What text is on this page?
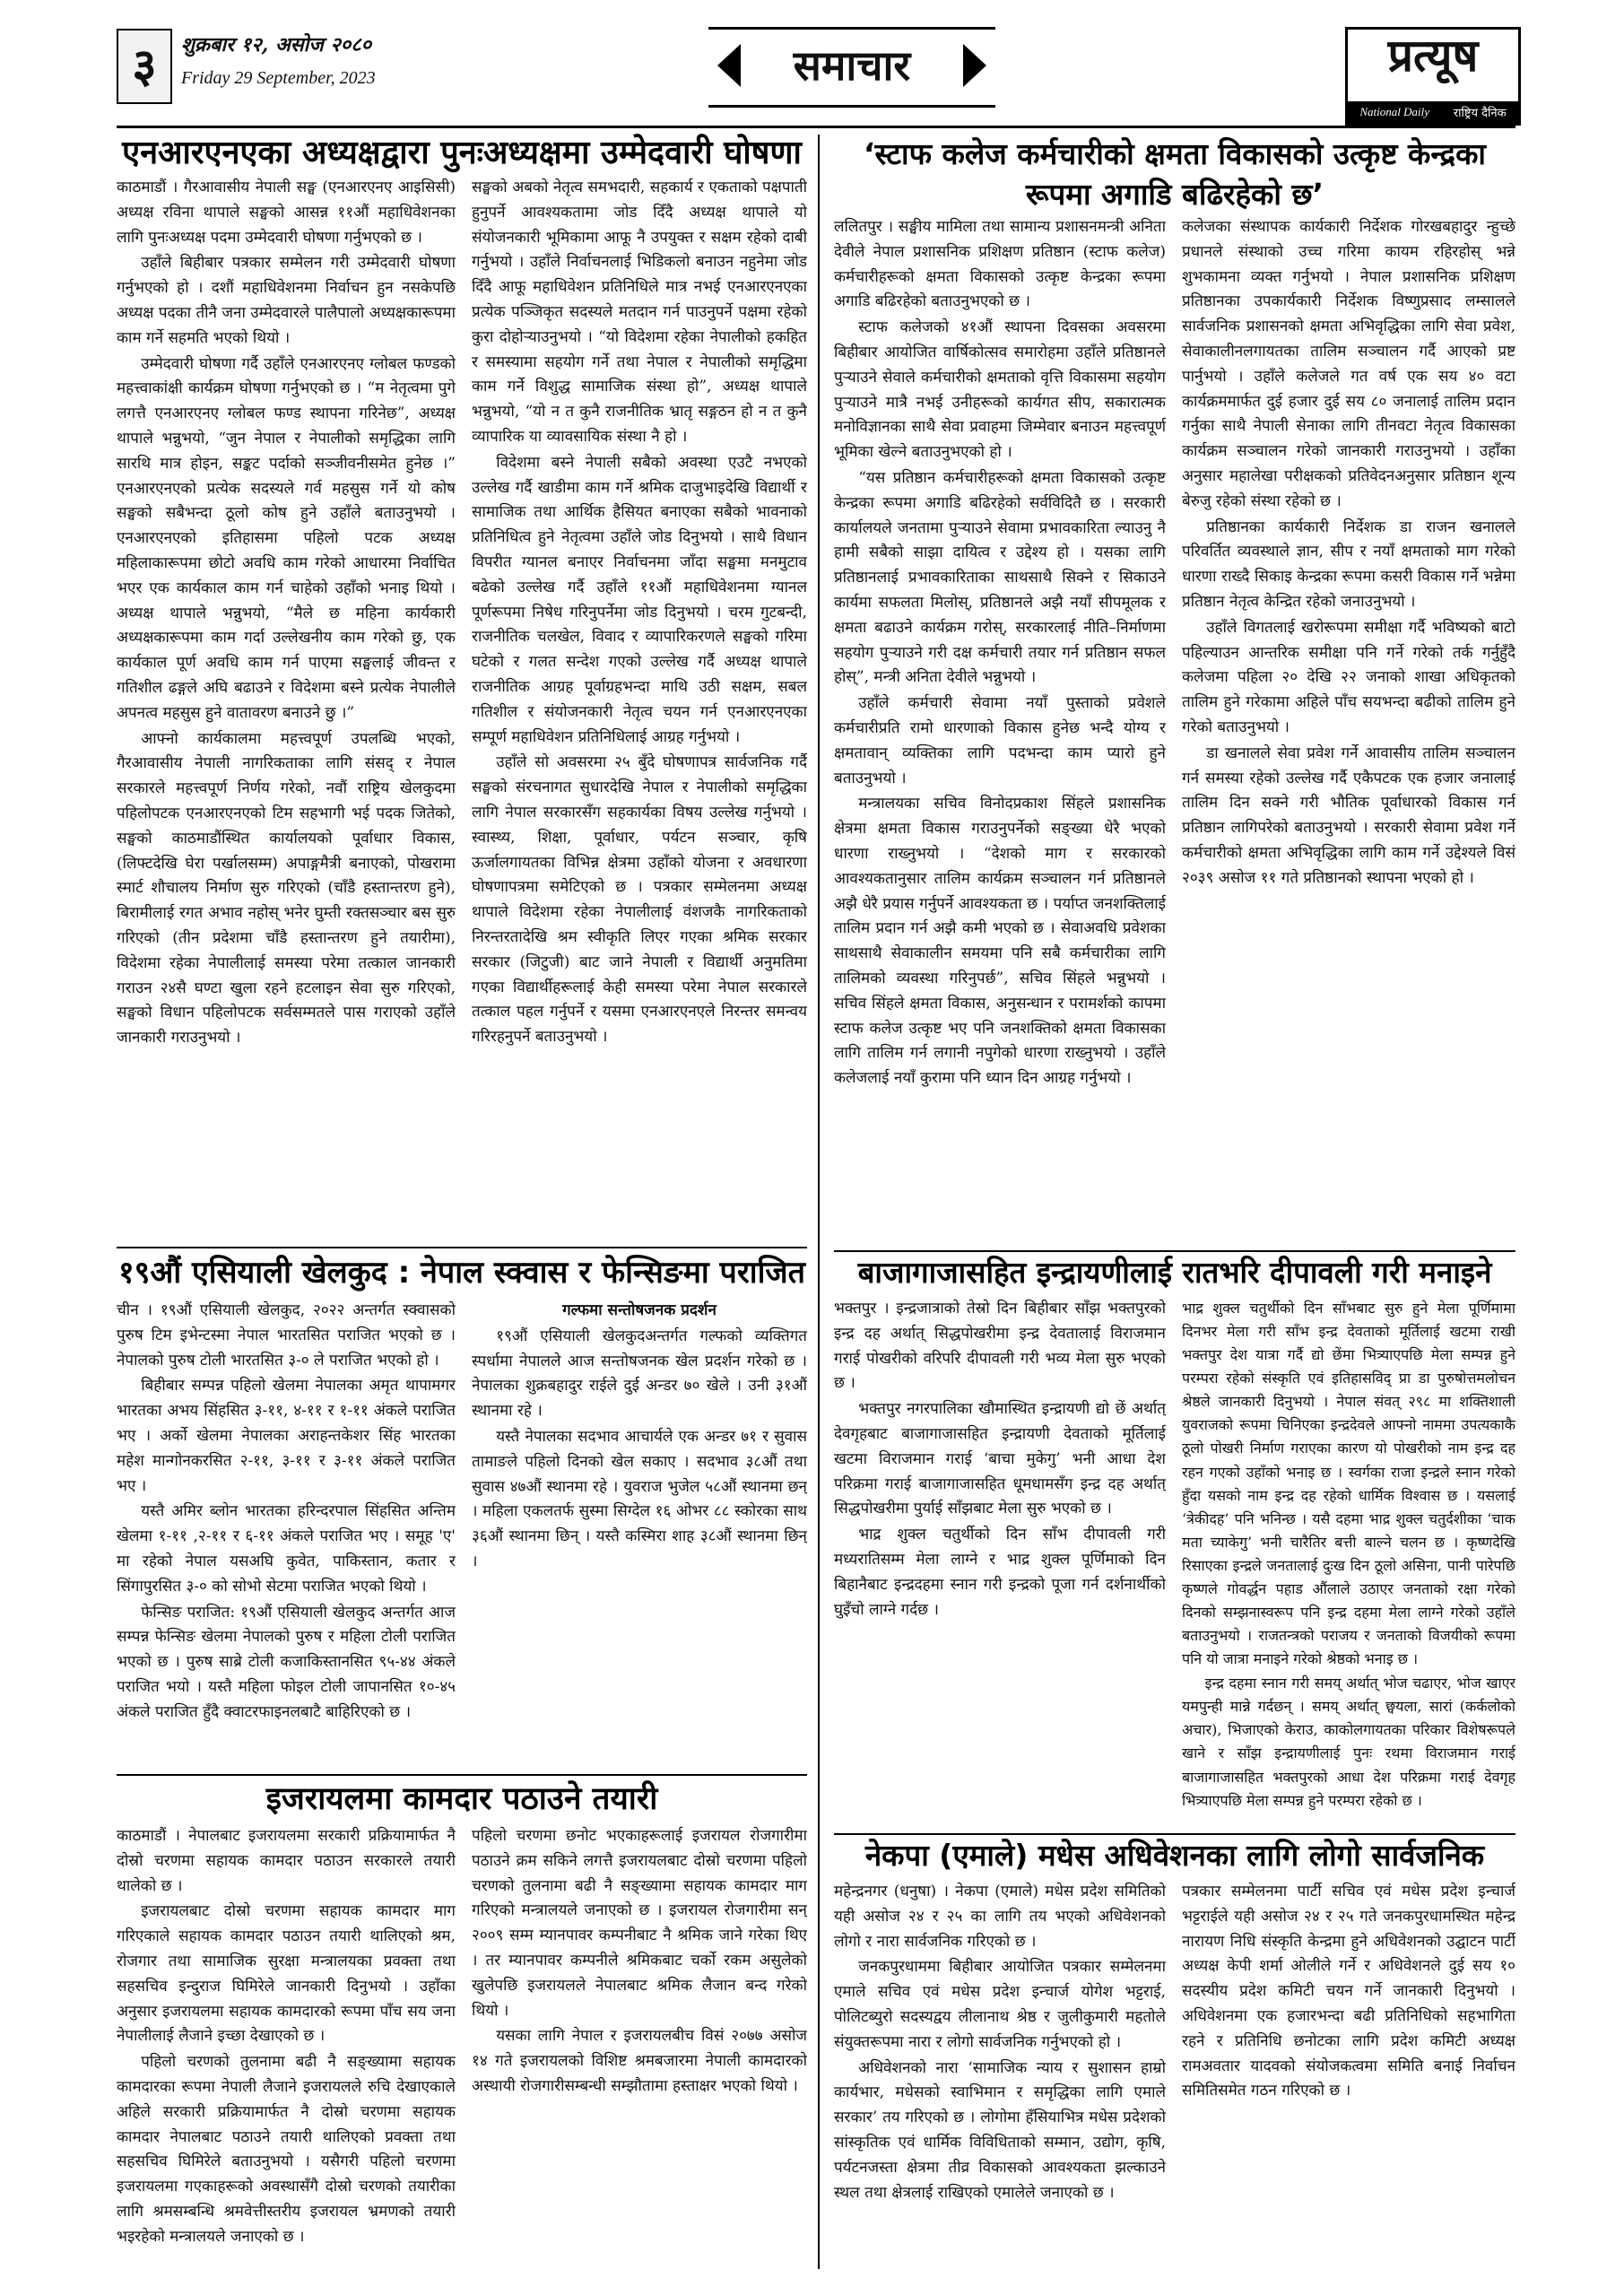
३ शुक्रबार १२, असोज २०८०
Friday 29 September, 2023	समाचार	प्रत्यूष
National Daily राष्ट्रिय दैनिक
एनआरएनएका अध्यक्षद्वारा पुनःअध्यक्षमा उम्मेदवारी घोषणा

काठमाडौं । गैरआवासीय नेपाली सङ्घ (एनआरएनए आइसिसी) अध्यक्ष रविना थापाले सङ्घको आसन्न ११औं महाधिवेशनका लागि पुनःअध्यक्ष पदमा उम्मेदवारी घोषणा गर्नुभएको छ ।

उहाँले बिहीबार पत्रकार सम्मेलन गरी उम्मेदवारी घोषणा गर्नुभएको हो । दशौं महाधिवेशनमा निर्वाचन हुन नसकेपछि अध्यक्ष पदका तीनै जना उम्मेदवारले पालैपालो अध्यक्षकारूपमा काम गर्ने सहमति भएको थियो ।

उम्मेदवारी घोषणा गर्दै उहाँले एनआरएनए ग्लोबल फण्डको महत्त्वाकांक्षी कार्यक्रम घोषणा गर्नुभएको छ । “म नेतृत्वमा पुगे लगत्तै एनआरएनए ग्लोबल फण्ड स्थापना गरिनेछ”, अध्यक्ष थापाले भन्नुभयो, “जुन नेपाल र नेपालीको समृद्धिका लागि सारथि मात्र होइन, सङ्कट पर्दाको सञ्जीवनीसमेत हुनेछ ।” एनआरएनएको प्रत्येक सदस्यले गर्व महसुस गर्ने यो कोष सङ्घको सबैभन्दा ठूलो कोष हुने उहाँले बताउनुभयो । एनआरएनएको इतिहासमा पहिलो पटक अध्यक्ष महिलाकारूपमा छोटो अवधि काम गरेको आधारमा निर्वाचित भएर एक कार्यकाल काम गर्न चाहेको उहाँको भनाइ थियो । अध्यक्ष थापाले भन्नुभयो, “मैले छ महिना कार्यकारी अध्यक्षकारूपमा काम गर्दा उल्लेखनीय काम गरेको छु, एक कार्यकाल पूर्ण अवधि काम गर्न पाएमा सङ्घलाई जीवन्त र गतिशील ढङ्गले अघि बढाउने र विदेशमा बस्ने प्रत्येक नेपालीले अपनत्व महसुस हुने वातावरण बनाउने छु ।”

आफ्नो कार्यकालमा महत्त्वपूर्ण उपलब्धि भएको, गैरआवासीय नेपाली नागरिकताका लागि संसद् र नेपाल सरकारले महत्त्वपूर्ण निर्णय गरेको, नवौं राष्ट्रिय खेलकुदमा पहिलोपटक एनआरएनएको टिम सहभागी भई पदक जितेको, सङ्घको काठमाडौंस्थित कार्यालयको पूर्वाधार विकास, (लिफ्टदेखि घेरा पर्खालसम्म) अपाङ्गमैत्री बनाएको, पोखरामा स्मार्ट शौचालय निर्माण सुरु गरिएको (चाँडै हस्तान्तरण हुने), बिरामीलाई रगत अभाव नहोस् भनेर घुम्ती रक्तसञ्चार बस सुरु गरिएको (तीन प्रदेशमा चाँडै हस्तान्तरण हुने तयारीमा), विदेशमा रहेका नेपालीलाई समस्या परेमा तत्काल जानकारी गराउन २४सै घण्टा खुला रहने हटलाइन सेवा सुरु गरिएको, सङ्घको विधान पहिलोपटक सर्वसम्मतले पास गराएको उहाँले जानकारी गराउनुभयो ।

सङ्घको अबको नेतृत्व समभदारी, सहकार्य र एकताको पक्षपाती हुनुपर्ने आवश्यकतामा जोड दिँदै अध्यक्ष थापाले यो संयोजनकारी भूमिकामा आफू नै उपयुक्त र सक्षम रहेको दाबी गर्नुभयो । उहाँले निर्वाचनलाई भिडिकलो बनाउन नहुनेमा जोड दिँदै आफू महाधिवेशन प्रतिनिधिले मात्र नभई एनआरएनएका प्रत्येक पञ्जिकृत सदस्यले मतदान गर्न पाउनुपर्ने पक्षमा रहेको कुरा दोहोऱ्याउनुभयो । “यो विदेशमा रहेका नेपालीको हकहित र समस्यामा सहयोग गर्ने तथा नेपाल र नेपालीको समृद्धिमा काम गर्ने विशुद्ध सामाजिक संस्था हो”, अध्यक्ष थापाले भन्नुभयो, “यो न त कुनै राजनीतिक भ्रातृ सङ्गठन हो न त कुनै व्यापारिक या व्यावसायिक संस्था नै हो ।

विदेशमा बस्ने नेपाली सबैको अवस्था एउटै नभएको उल्लेख गर्दै खाडीमा काम गर्ने श्रमिक दाजुभाइदेखि विद्यार्थी र सामाजिक तथा आर्थिक हैसियत बनाएका सबैको भावनाको प्रतिनिधित्व हुने नेतृत्वमा उहाँले जोड दिनुभयो । साथै विधान विपरीत ग्यानल बनाएर निर्वाचनमा जाँदा सङ्घमा मनमुटाव बढेको उल्लेख गर्दै उहाँले ११औं महाधिवेशनमा ग्यानल पूर्णरूपमा निषेध गरिनुपर्नेमा जोड दिनुभयो । चरम गुटबन्दी, राजनीतिक चलखेल, विवाद र व्यापारिकरणले सङ्घको गरिमा घटेको र गलत सन्देश गएको उल्लेख गर्दै अध्यक्ष थापाले राजनीतिक आग्रह पूर्वाग्रहभन्दा माथि उठी सक्षम, सबल गतिशील र संयोजनकारी नेतृत्व चयन गर्न एनआरएनएका सम्पूर्ण महाधिवेशन प्रतिनिधिलाई आग्रह गर्नुभयो ।

उहाँले सो अवसरमा २५ बुँदे घोषणापत्र सार्वजनिक गर्दै सङ्घको संरचनागत सुधारदेखि नेपाल र नेपालीको समृद्धिका लागि नेपाल सरकारसँग सहकार्यका विषय उल्लेख गर्नुभयो । स्वास्थ्य, शिक्षा, पूर्वाधार, पर्यटन सञ्चार, कृषि ऊर्जालगायतका विभिन्न क्षेत्रमा उहाँको योजना र अवधारणा घोषणापत्रमा समेटिएको छ । पत्रकार सम्मेलनमा अध्यक्ष थापाले विदेशमा रहेका नेपालीलाई वंशजकै नागरिकताको निरन्तरतादेखि श्रम स्वीकृति लिएर गएका श्रमिक सरकार सरकार (जिटुजी) बाट जाने नेपाली र विद्यार्थी अनुमतिमा गएका विद्यार्थीहरूलाई केही समस्या परेमा नेपाल सरकारले तत्काल पहल गर्नुपर्ने र यसमा एनआरएनएले निरन्तर समन्वय गरिरहनुपर्ने बताउनुभयो ।

१९औं एसियाली खेलकुद : नेपाल स्क्वास र फेन्सिङमा पराजित

चीन । १९औं एसियाली खेलकुद, २०२२ अन्तर्गत स्क्वासको पुरुष टिम इभेन्टस्मा नेपाल भारतसित पराजित भएको छ । नेपालको पुरुष टोली भारतसित ३-० ले पराजित भएको हो ।

बिहीबार सम्पन्न पहिलो खेलमा नेपालका अमृत थापामगर भारतका अभय सिंहसित ३-११, ४-११ र १-११ अंकले पराजित भए । अर्को खेलमा नेपालका अराहन्तकेशर सिंह भारतका महेश मान्गोनकरसित २-११, ३-११ र ३-११ अंकले पराजित भए ।

यस्तै अमिर ब्लोन भारतका हरिन्दरपाल सिंहसित अन्तिम खेलमा १-११ ,२-११ र ६-११ अंकले पराजित भए । समूह 'ए' मा रहेको नेपाल यसअघि कुवेत, पाकिस्तान, कतार र सिंगापुरसित ३-० को सोभो सेटमा पराजित भएको थियो ।

फेन्सिङ पराजित: १९औं एसियाली खेलकुद अन्तर्गत आज सम्पन्न फेन्सिङ खेलमा नेपालको पुरुष र महिला टोली पराजित भएको छ । पुरुष साब्रे टोली कजाकिस्तानसित ९५-४४ अंकले पराजित भयो । यस्तै महिला फोइल टोली जापानसित १०-४५ अंकले पराजित हुँदै क्वाटरफाइनलबाटै बाहिरिएको छ ।

गल्फमा सन्तोषजनक प्रदर्शन

१९औं एसियाली खेलकुदअन्तर्गत गल्फको व्यक्तिगत स्पर्धामा नेपालले आज सन्तोषजनक खेल प्रदर्शन गरेको छ । नेपालका शुक्रबहादुर राईले दुई अन्डर ७० खेले । उनी ३१औं स्थानमा रहे ।

यस्तै नेपालका सदभाव आचार्यले एक अन्डर ७१ र सुवास तामाङले पहिलो दिनको खेल सकाए । सदभाव ३८औं तथा सुवास ४७औं स्थानमा रहे । युवराज भुजेल ५८औं स्थानमा छन् । महिला एकलतर्फ सुस्मा सिग्देल १६ ओभर ८८ स्कोरका साथ ३६औं स्थानमा छिन् । यस्तै कस्मिरा शाह ३८औं स्थानमा छिन् ।

इजरायलमा कामदार पठाउने तयारी

काठमाडौं । नेपालबाट इजरायलमा सरकारी प्रक्रियामार्फत नै दोस्रो चरणमा सहायक कामदार पठाउन सरकारले तयारी थालेको छ ।

इजरायलबाट दोस्रो चरणमा सहायक कामदार माग गरिएकाले सहायक कामदार पठाउन तयारी थालिएको श्रम, रोजगार तथा सामाजिक सुरक्षा मन्त्रालयका प्रवक्ता तथा सहसचिव इन्दुराज घिमिरेले जानकारी दिनुभयो । उहाँका अनुसार इजरायलमा सहायक कामदारको रूपमा पाँच सय जना नेपालीलाई लैजाने इच्छा देखाएको छ ।

पहिलो चरणको तुलनामा बढी नै सङ्ख्यामा सहायक कामदारका रूपमा नेपाली लैजाने इजरायलले रुचि देखाएकाले अहिले सरकारी प्रक्रियामार्फत नै दोस्रो चरणमा सहायक कामदार नेपालबाट पठाउने तयारी थालिएको प्रवक्ता तथा सहसचिव घिमिरेले बताउनुभयो । यसैगरी पहिलो चरणमा इजरायलमा गएकाहरूको अवस्थासँगै दोस्रो चरणको तयारीका लागि श्रमसम्बन्धि श्रमवेत्तीस्तरीय इजरायल भ्रमणको तयारी भइरहेको मन्त्रालयले जनाएको छ ।

पहिलो चरणमा छनोट भएकाहरूलाई इजरायल रोजगारीमा पठाउने क्रम सकिने लगत्तै इजरायलबाट दोस्रो चरणमा पहिलो चरणको तुलनामा बढी नै सङ्ख्यामा सहायक कामदार माग गरिएको मन्त्रालयले जनाएको छ । इजरायल रोजगारीमा सन् २००९ सम्म म्यानपावर कम्पनीबाट नै श्रमिक जाने गरेका थिए । तर म्यानपावर कम्पनीले श्रमिकबाट चर्को रकम असुलेको खुलेपछि इजरायलले नेपालबाट श्रमिक लैजान बन्द गरेको थियो ।

यसका लागि नेपाल र इजरायलबीच विसं २०७७ असोज १४ गते इजरायलको विशिष्ट श्रमबजारमा नेपाली कामदारको अस्थायी रोजगारीसम्बन्धी सम्झौतामा हस्ताक्षर भएको थियो ।

‘स्टाफ कलेज कर्मचारीको क्षमता विकासको उत्कृष्ट केन्द्रका रूपमा अगाडि बढिरहेको छ’

ललितपुर । सङ्घीय मामिला तथा सामान्य प्रशासनमन्त्री अनिता देवीले नेपाल प्रशासनिक प्रशिक्षण प्रतिष्ठान (स्टाफ कलेज) कर्मचारीहरूको क्षमता विकासको उत्कृष्ट केन्द्रका रूपमा अगाडि बढिरहेको बताउनुभएको छ ।

स्टाफ कलेजको ४१औं स्थापना दिवसका अवसरमा बिहीबार आयोजित वार्षिकोत्सव समारोहमा उहाँले प्रतिष्ठानले पुऱ्याउने सेवाले कर्मचारीको क्षमताको वृत्ति विकासमा सहयोग पुऱ्याउने मात्रै नभई उनीहरूको कार्यगत सीप, सकारात्मक मनोविज्ञानका साथै सेवा प्रवाहमा जिम्मेवार बनाउन महत्त्वपूर्ण भूमिका खेल्ने बताउनुभएको हो ।

“यस प्रतिष्ठान कर्मचारीहरूको क्षमता विकासको उत्कृष्ट केन्द्रका रूपमा अगाडि बढिरहेको सर्वविदितै छ । सरकारी कार्यालयले जनतामा पुऱ्याउने सेवामा प्रभावकारिता ल्याउनु नै हामी सबैको साझा दायित्व र उद्देश्य हो । यसका लागि प्रतिष्ठानलाई प्रभावकारिताका साथसाथै सिक्ने र सिकाउने कार्यमा सफलता मिलोस्, प्रतिष्ठानले अझै नयाँ सीपमूलक र क्षमता बढाउने कार्यक्रम गरोस्, सरकारलाई नीति–निर्माणमा सहयोग पुऱ्याउने गरी दक्ष कर्मचारी तयार गर्न प्रतिष्ठान सफल होस्”, मन्त्री अनिता देवीले भन्नुभयो ।

उहाँले कर्मचारी सेवामा नयाँ पुस्ताको प्रवेशले कर्मचारीप्रति रामो धारणाको विकास हुनेछ भन्दै योग्य र क्षमतावान् व्यक्तिका लागि पदभन्दा काम प्यारो हुने बताउनुभयो ।

मन्त्रालयका सचिव विनोदप्रकाश सिंहले प्रशासनिक क्षेत्रमा क्षमता विकास गराउनुपर्नेको सङ्ख्या धेरै भएको धारणा राख्नुभयो । “देशको माग र सरकारको आवश्यकतानुसार तालिम कार्यक्रम सञ्चालन गर्न प्रतिष्ठानले अझै धेरै प्रयास गर्नुपर्ने आवश्यकता छ । पर्याप्त जनशक्तिलाई तालिम प्रदान गर्न अझै कमी भएको छ । सेवाअवधि प्रवेशका साथसाथै सेवाकालीन समयमा पनि सबै कर्मचारीका लागि तालिमको व्यवस्था गरिनुपर्छ”, सचिव सिंहले भन्नुभयो । सचिव सिंहले क्षमता विकास, अनुसन्धान र परामर्शको कापमा स्टाफ कलेज उत्कृष्ट भए पनि जनशक्तिको क्षमता विकासका लागि तालिम गर्न लगानी नपुगेको धारणा राख्नुभयो । उहाँले कलेजलाई नयाँ कुरामा पनि ध्यान दिन आग्रह गर्नुभयो ।

कलेजका संस्थापक कार्यकारी निर्देशक गोरखबहादुर न्हुच्छे प्रधानले संस्थाको उच्च गरिमा कायम रहिरहोस् भन्ने शुभकामना व्यक्त गर्नुभयो । नेपाल प्रशासनिक प्रशिक्षण प्रतिष्ठानका उपकार्यकारी निर्देशक विष्णुप्रसाद लम्सालले सार्वजनिक प्रशासनको क्षमता अभिवृद्धिका लागि सेवा प्रवेश, सेवाकालीनलगायतका तालिम सञ्चालन गर्दै आएको प्रष्ट पार्नुभयो । उहाँले कलेजले गत वर्ष एक सय ४० वटा कार्यक्रममार्फत दुई हजार दुई सय ८० जनालाई तालिम प्रदान गर्नुका साथै नेपाली सेनाका लागि तीनवटा नेतृत्व विकासका कार्यक्रम सञ्चालन गरेको जानकारी गराउनुभयो । उहाँका अनुसार महालेखा परीक्षकको प्रतिवेदनअनुसार प्रतिष्ठान शून्य बेरुजु रहेको संस्था रहेको छ ।

प्रतिष्ठानका कार्यकारी निर्देशक डा राजन खनालले परिवर्तित व्यवस्थाले ज्ञान, सीप र नयाँ क्षमताको माग गरेको धारणा राख्दै सिकाइ केन्द्रका रूपमा कसरी विकास गर्ने भन्नेमा प्रतिष्ठान नेतृत्व केन्द्रित रहेको जनाउनुभयो ।

उहाँले विगतलाई खरोरूपमा समीक्षा गर्दै भविष्यको बाटो पहिल्याउन आन्तरिक समीक्षा पनि गर्ने गरेको तर्क गर्नुहुँदै कलेजमा पहिला २० देखि २२ जनाको शाखा अधिकृतको तालिम हुने गरेकामा अहिले पाँच सयभन्दा बढीको तालिम हुने गरेको बताउनुभयो ।

डा खनालले सेवा प्रवेश गर्ने आवासीय तालिम सञ्चालन गर्न समस्या रहेको उल्लेख गर्दै एकैपटक एक हजार जनालाई तालिम दिन सक्ने गरी भौतिक पूर्वाधारको विकास गर्न प्रतिष्ठान लागिपरेको बताउनुभयो । सरकारी सेवामा प्रवेश गर्ने कर्मचारीको क्षमता अभिवृद्धिका लागि काम गर्ने उद्देश्यले विसं २०३९ असोज ११ गते प्रतिष्ठानको स्थापना भएको हो ।

बाजागाजासहित इन्द्रायणीलाई रातभरि दीपावली गरी मनाइने

भक्तपुर । इन्द्रजात्राको तेस्रो दिन बिहीबार साँझ भक्तपुरको इन्द्र दह अर्थात् सिद्धपोखरीमा इन्द्र देवतालाई विराजमान गराई पोखरीको वरिपरि दीपावली गरी भव्य मेला सुरु भएको छ ।

भक्तपुर नगरपालिका खौमास्थित इन्द्रायणी द्यो छें अर्थात् देवगृहबाट बाजागाजासहित इन्द्रायणी देवताको मूर्तिलाई खटमा विराजमान गराई ‘बाचा मुकेगु’ भनी आधा देश परिक्रमा गराई बाजागाजासहित धूमधामसँग इन्द्र दह अर्थात् सिद्धपोखरीमा पुर्याई साँझबाट मेला सुरु भएको छ ।

भाद्र शुक्ल चतुर्थीको दिन साँभ दीपावली गरी मध्यरातिसम्म मेला लाग्ने र भाद्र शुक्ल पूर्णिमाको दिन बिहानैबाट इन्द्रदहमा स्नान गरी इन्द्रको पूजा गर्न दर्शनार्थीको घुइँचो लाग्ने गर्दछ ।

भाद्र शुक्ल चतुर्थीको दिन साँभबाट सुरु हुने मेला पूर्णिमामा दिनभर मेला गरी साँभ इन्द्र देवताको मूर्तिलाई खटमा राखी भक्तपुर देश यात्रा गर्दै द्यो छेंमा भित्र्याएपछि मेला सम्पन्न हुने परम्परा रहेको संस्कृति एवं इतिहासविद् प्रा डा पुरुषोत्तमलोचन श्रेष्ठले जानकारी दिनुभयो । नेपाल संवत् २९८ मा शक्तिशाली युवराजको रूपमा चिनिएका इन्द्रदेवले आफ्नो नाममा उपत्यकाकै ठूलो पोखरी निर्माण गराएका कारण यो पोखरीको नाम इन्द्र दह रहन गएको उहाँको भनाइ छ । स्वर्गका राजा इन्द्रले स्नान गरेको हुँदा यसको नाम इन्द्र दह रहेको धार्मिक विश्वास छ । यसलाई ‘त्रेकीदह’ पनि भनिन्छ । यसै दहमा भाद्र शुक्ल चतुर्दशीका ‘चाक मता च्याकेगु’ भनी चारैतिर बत्ती बाल्ने चलन छ । कृष्णदेखि रिसाएका इन्द्रले जनतालाई दुःख दिन ठूलो असिना, पानी पारेपछि कृष्णले गोवर्द्धन पहाड औंलाले उठाएर जनताको रक्षा गरेको दिनको सम्झनास्वरूप पनि इन्द्र दहमा मेला लाग्ने गरेको उहाँले बताउनुभयो । राजतन्त्रको पराजय र जनताको विजयीको रूपमा पनि यो जात्रा मनाइने गरेको श्रेष्ठको भनाइ छ ।

इन्द्र दहमा स्नान गरी समय् अर्थात् भोज चढाएर, भोज खाएर यमपुन्ही मान्ने गर्दछन् । समय् अर्थात् छ्वयला, सारां (कर्कलोको अचार), भिजाएको केराउ, काकोलगायतका परिकार विशेषरूपले खाने र साँझ इन्द्रायणीलाई पुनः रथमा विराजमान गराई बाजागाजासहित भक्तपुरको आधा देश परिक्रमा गराई देवगृह भित्र्याएपछि मेला सम्पन्न हुने परम्परा रहेको छ ।

नेकपा (एमाले) मधेस अधिवेशनका लागि लोगो सार्वजनिक

महेन्द्रनगर (धनुषा) । नेकपा (एमाले) मधेस प्रदेश समितिको यही असोज २४ र २५ का लागि तय भएको अधिवेशनको लोगो र नारा सार्वजनिक गरिएको छ ।

जनकपुरधाममा बिहीबार आयोजित पत्रकार सम्मेलनमा एमाले सचिव एवं मधेस प्रदेश इन्चार्ज योगेश भट्टराई, पोलिटब्युरो सदस्यद्वय लीलानाथ श्रेष्ठ र जुलीकुमारी महतोले संयुक्तरूपमा नारा र लोगो सार्वजनिक गर्नुभएको हो ।

अधिवेशनको नारा ‘सामाजिक न्याय र सुशासन हाम्रो कार्यभार, मधेसको स्वाभिमान र समृद्धिका लागि एमाले सरकार’ तय गरिएको छ । लोगोमा हँसियाभित्र मधेस प्रदेशको सांस्कृतिक एवं धार्मिक विविधिताको सम्मान, उद्योग, कृषि, पर्यटनजस्ता क्षेत्रमा तीव्र विकासको आवश्यकता झल्काउने स्थल तथा क्षेत्रलाई राखिएको एमालेले जनाएको छ ।

पत्रकार सम्मेलनमा पार्टी सचिव एवं मधेस प्रदेश इन्चार्ज भट्टराईले यही असोज २४ र २५ गते जनकपुरधामस्थित महेन्द्र नारायण निधि संस्कृति केन्द्रमा हुने अधिवेशनको उद्घाटन पार्टी अध्यक्ष केपी शर्मा ओलीले गर्ने र अधिवेशनले दुई सय १० सदस्यीय प्रदेश कमिटी चयन गर्ने जानकारी दिनुभयो । अधिवेशनमा एक हजारभन्दा बढी प्रतिनिधिको सहभागिता रहने र प्रतिनिधि छनोटका लागि प्रदेश कमिटी अध्यक्ष रामअवतार यादवको संयोजकत्वमा समिति बनाई निर्वाचन समितिसमेत गठन गरिएको छ ।
